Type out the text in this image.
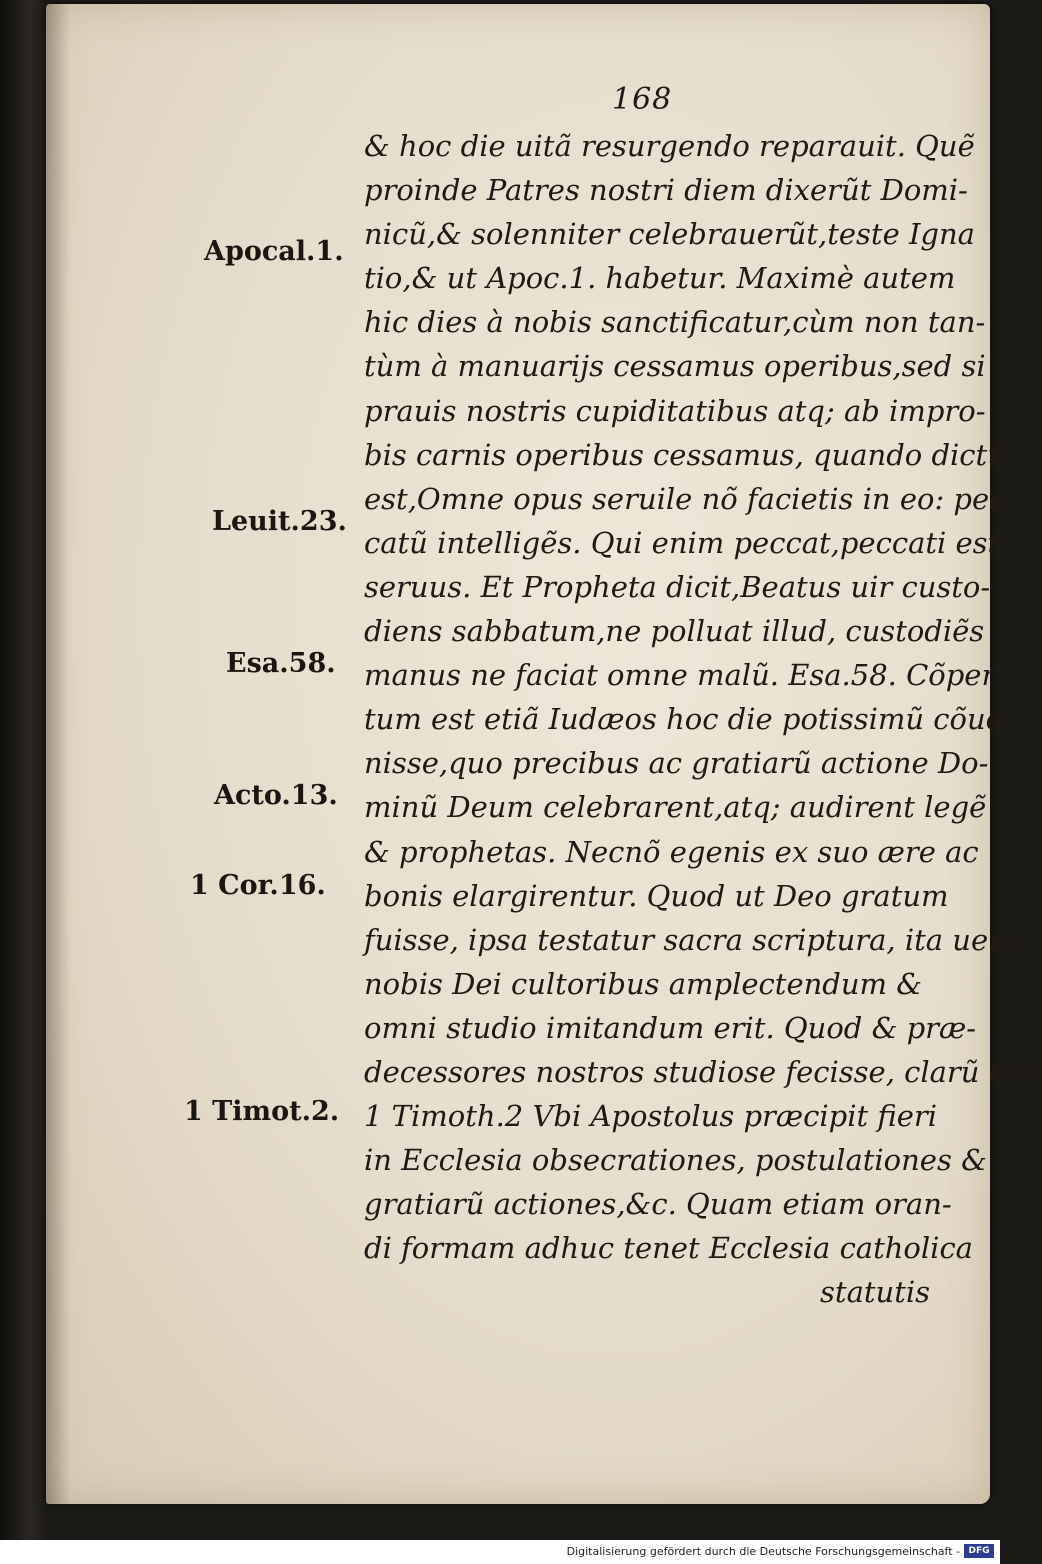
168
& hoc die uitã resurgendo reparauit. Quẽ
proinde Patres nostri diem dixerũt Domi-
nicũ,& solenniter celebrauerũt,teste Igna
tio,& ut Apoc.1. habetur. Maximè autem
hic dies à nobis sanctificatur,cùm non tan-
tùm à manuarijs cessamus operibus,sed si
prauis nostris cupiditatibus atq; ab impro-
bis carnis operibus cessamus, quando dictũ
est,Omne opus seruile nõ facietis in eo: pec
catũ intelligẽs. Qui enim peccat,peccati est
seruus. Et Propheta dicit,Beatus uir custo-
diens sabbatum,ne polluat illud, custodiẽs
manus ne faciat omne malũ. Esa.58. Cõper-
tum est etiã Iudæos hoc die potissimũ cõue-
nisse,quo precibus ac gratiarũ actione Do-
minũ Deum celebrarent,atq; audirent legẽ
& prophetas. Necnõ egenis ex suo ære ac
bonis elargirentur. Quod ut Deo gratum
fuisse, ipsa testatur sacra scriptura, ita ueris
nobis Dei cultoribus amplectendum &
omni studio imitandum erit. Quod & præ-
decessores nostros studiose fecisse, clarũ est.
1 Timoth.2 Vbi Apostolus præcipit fieri
in Ecclesia obsecrationes, postulationes &
gratiarũ actiones,&c. Quam etiam oran-
di formam adhuc tenet Ecclesia catholica
statutis
Apocal.1.
Leuit.23.
Esa.58.
Acto.13.
1 Cor.16.
1 Timot.2.
Digitalisierung gefördert durch die Deutsche Forschungsgemeinschaft - DFG
